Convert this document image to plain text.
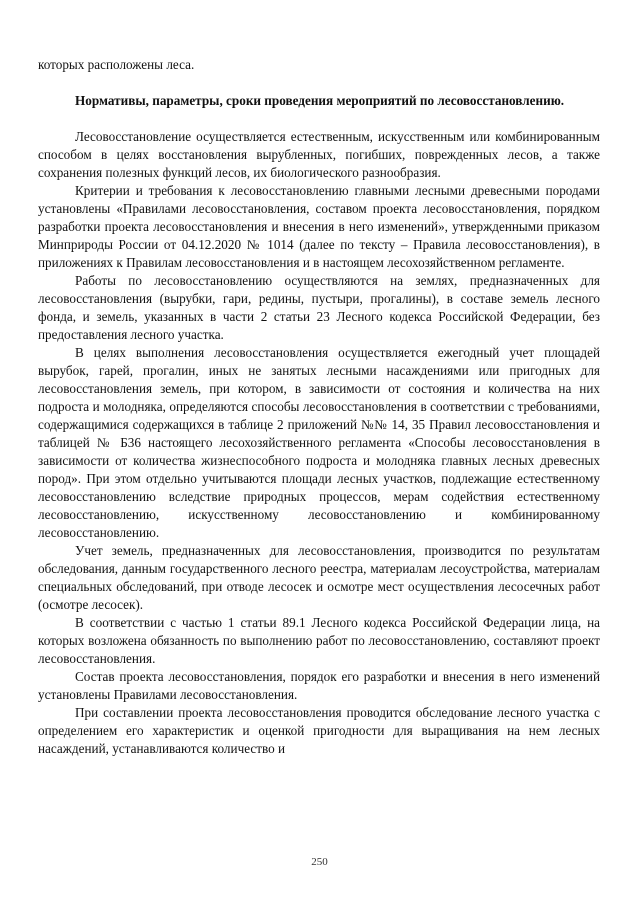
которых расположены леса.

Нормативы, параметры, сроки проведения мероприятий по лесовосстановлению.

Лесовосстановление осуществляется естественным, искусственным или комбинированным способом в целях восстановления вырубленных, погибших, поврежденных лесов, а также сохранения полезных функций лесов, их биологического разнообразия.

Критерии и требования к лесовосстановлению главными лесными древесными породами установлены «Правилами лесовосстановления, составом проекта лесовосстановления, порядком разработки проекта лесовосстановления и внесения в него изменений», утвержденными приказом Минприроды России от 04.12.2020 № 1014 (далее по тексту – Правила лесовосстановления), в приложениях к Правилам лесовосстановления и в настоящем лесохозяйственном регламенте.

Работы по лесовосстановлению осуществляются на землях, предназначенных для лесовосстановления (вырубки, гари, редины, пустыри, прогалины), в составе земель лесного фонда, и земель, указанных в части 2 статьи 23 Лесного кодекса Российской Федерации, без предоставления лесного участка.

В целях выполнения лесовосстановления осуществляется ежегодный учет площадей вырубок, гарей, прогалин, иных не занятых лесными насаждениями или пригодных для лесовосстановления земель, при котором, в зависимости от состояния и количества на них подроста и молодняка, определяются способы лесовосстановления в соответствии с требованиями, содержащимися содержащихся в таблице 2 приложений №№ 14, 35 Правил лесовосстановления и таблицей № Б36 настоящего лесохозяйственного регламента «Способы лесовосстановления в зависимости от количества жизнеспособного подроста и молодняка главных лесных древесных пород». При этом отдельно учитываются площади лесных участков, подлежащие естественному лесовосстановлению вследствие природных процессов, мерам содействия естественному лесовосстановлению, искусственному лесовосстановлению и комбинированному лесовосстановлению.

Учет земель, предназначенных для лесовосстановления, производится по результатам обследования, данным государственного лесного реестра, материалам лесоустройства, материалам специальных обследований, при отводе лесосек и осмотре мест осуществления лесосечных работ (осмотре лесосек).

В соответствии с частью 1 статьи 89.1 Лесного кодекса Российской Федерации лица, на которых возложена обязанность по выполнению работ по лесовосстановлению, составляют проект лесовосстановления.

Состав проекта лесовосстановления, порядок его разработки и внесения в него изменений установлены Правилами лесовосстановления.

При составлении проекта лесовосстановления проводится обследование лесного участка с определением его характеристик и оценкой пригодности для выращивания на нем лесных насаждений, устанавливаются количество и

250
